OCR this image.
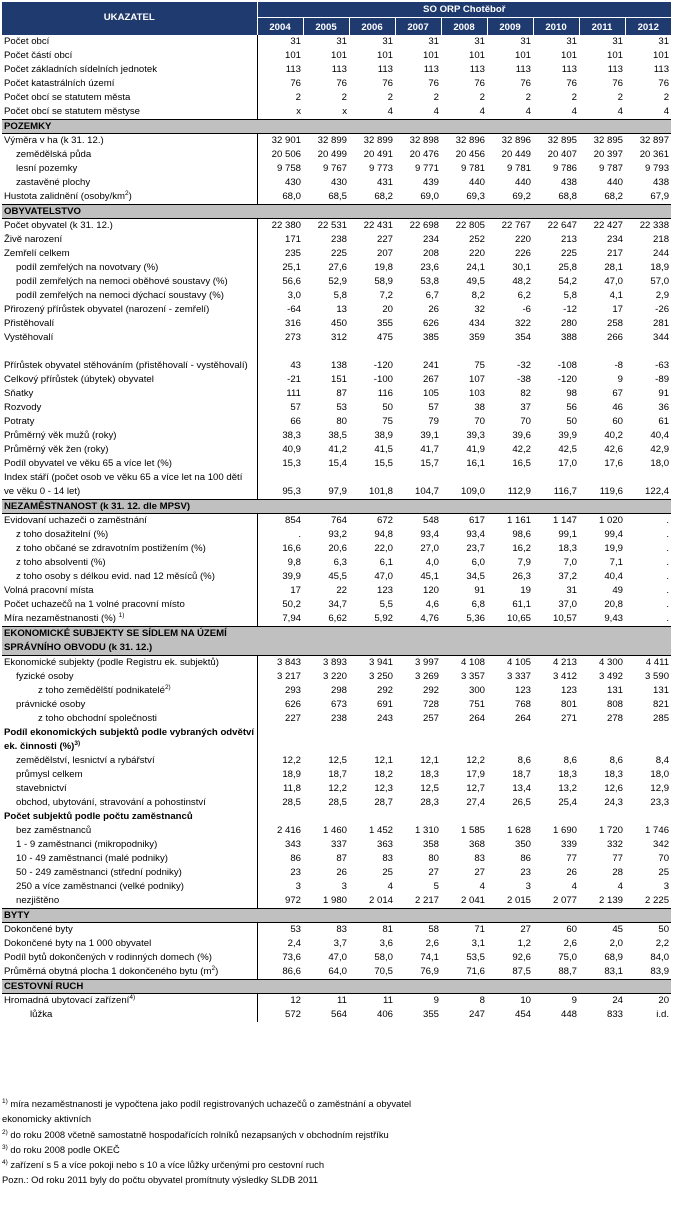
UKAZATEL	SO ORP Chotěboř								
	2004	2005	2006	2007	2008	2009	2010	2011	2012
Počet obcí	31	31	31	31	31	31	31	31	31
Počet částí obcí	101	101	101	101	101	101	101	101	101
Počet základních sídelních jednotek	113	113	113	113	113	113	113	113	113
Počet katastrálních území	76	76	76	76	76	76	76	76	76
Počet obcí se statutem města	2	2	2	2	2	2	2	2	2
Počet obcí se statutem městyse	x	x	4	4	4	4	4	4	4
POZEMKY									
Výměra v ha (k 31. 12.)	32 901	32 899	32 899	32 898	32 896	32 896	32 895	32 895	32 897
zemědělská půda	20 506	20 499	20 491	20 476	20 456	20 449	20 407	20 397	20 361
lesní pozemky	9 758	9 767	9 773	9 771	9 781	9 781	9 786	9 787	9 793
zastavěné plochy	430	430	431	439	440	440	438	440	438
Hustota zalidnění $(osoby/km^2)$	68,0	68,5	68,2	69,0	69,3	69,2	68,8	68,2	67,9
OBYVATELSTVO									
Počet obyvatel (k 31. 12.)	22 380	22 531	22 431	22 698	22 805	22 767	22 647	22 427	22 338
Živě narození	171	238	227	234	252	220	213	234	218
Zemřelí celkem	235	225	207	208	220	226	225	217	244
podíl zemřelých na novotvary (%)	25,1	27,6	19,8	23,6	24,1	30,1	25,8	28,1	18,9
podíl zemřelých na nemoci oběhové soustavy (%)	56,6	52,9	58,9	53,8	49,5	48,2	54,2	47,0	57,0
podíl zemřelých na nemoci dýchací soustavy (%)	3,0	5,8	7,2	6,7	8,2	6,2	5,8	4,1	2,9
Přirozený přírůstek obyvatel (narození - zemřelí)	-64	13	20	26	32	-6	-12	17	-26
Přistěhovalí	316	450	355	626	434	322	280	258	281
Vystěhovalí	273	312	475	385	359	354	388	266	344
Přírůstek obyvatel stěhováním (přistěhovalí - vystěhovalí)	43	138	-120	241	75	-32	-108	-8	-63
Celkový přírůstek (úbytek) obyvatel	-21	151	-100	267	107	-38	-120	9	-89
Sňatky	111	87	116	105	103	82	98	67	91
Rozvody	57	53	50	57	38	37	56	46	36
Potraty	66	80	75	79	70	70	50	60	61
Průměrný věk mužů (roky)	38,3	38,5	38,9	39,1	39,3	39,6	39,9	40,2	40,4
Průměrný věk žen (roky)	40,9	41,2	41,5	41,7	41,9	42,2	42,5	42,6	42,9
Podíl obyvatel ve věku 65 a více let (%)	15,3	15,4	15,5	15,7	16,1	16,5	17,0	17,6	18,0
Index stáří (počet osob ve věku 65 a více let na 100 dětí ve věku 0 - 14 let)	95,3	97,9	101,8	104,7	109,0	112,9	116,7	119,6	122,4
NEZAMĚSTNANOST (k 31. 12. dle MPSV)									
Evidovaní uchazeči o zaměstnání	854	764	672	548	617	1 161	1 147	1 020	.
z toho dosažitelní (%)	.	93,2	94,8	93,4	93,4	98,6	99,1	99,4	.
z toho občané se zdravotním postižením (%)	16,6	20,6	22,0	27,0	23,7	16,2	18,3	19,9	.
z toho absolventi (%)	9,8	6,3	6,1	4,0	6,0	7,9	7,0	7,1	.
z toho osoby s délkou evid. nad 12 měsíců (%)	39,9	45,5	47,0	45,1	34,5	26,3	37,2	40,4	.
Volná pracovní místa	17	22	123	120	91	19	31	49	.
Počet uchazečů na 1 volné pracovní místo	50,2	34,7	5,5	4,6	6,8	61,1	37,0	20,8	.
Míra nezaměstnanosti (%) $^{1)}$	7,94	6,62	5,92	4,76	5,36	10,65	10,57	9,43	.
EKONOMICKÉ SUBJEKTY SE SÍDLEM NA ÚZEMÍ SPRÁVNÍHO OBVODU (k 31. 12.)									
Ekonomické subjekty (podle Registru ek. subjektů)	3 843	3 893	3 941	3 997	4 108	4 105	4 213	4 300	4 411
fyzické osoby	3 217	3 220	3 250	3 269	3 357	3 337	3 412	3 492	3 590
z toho zemědělští podnikatelé$^{2)}$	293	298	292	292	300	123	123	131	131
právnické osoby	626	673	691	728	751	768	801	808	821
z toho obchodní společnosti	227	238	243	257	264	264	271	278	285
Podíl ekonomických subjektů podle vybraných odvětví ek. činnosti (%)$^{3)}$									
zemědělství, lesnictví a rybářství	12,2	12,5	12,1	12,1	12,2	8,6	8,6	8,6	8,4
průmysl celkem	18,9	18,7	18,2	18,3	17,9	18,7	18,3	18,3	18,0
stavebnictví	11,8	12,2	12,3	12,5	12,7	13,4	13,2	12,6	12,9
obchod, ubytování, stravování a pohostinství	28,5	28,5	28,7	28,3	27,4	26,5	25,4	24,3	23,3
Počet subjektů podle počtu zaměstnanců									
bez zaměstnanců	2 416	1 460	1 452	1 310	1 585	1 628	1 690	1 720	1 746
1 - 9 zaměstnanci (mikropodniky)	343	337	363	358	368	350	339	332	342
10 - 49 zaměstnanci (malé podniky)	86	87	83	80	83	86	77	77	70
50 - 249 zaměstnanci (střední podniky)	23	26	25	27	27	23	26	28	25
250 a více zaměstnanci (velké podniky)	3	3	4	5	4	3	4	4	3
nezjištěno	972	1 980	2 014	2 217	2 041	2 015	2 077	2 139	2 225
BYTY									
Dokončené byty	53	83	81	58	71	27	60	45	50
Dokončené byty na 1 000 obyvatel	2,4	3,7	3,6	2,6	3,1	1,2	2,6	2,0	2,2
Podíl bytů dokončených v rodinných domech (%)	73,6	47,0	58,0	74,1	53,5	92,6	75,0	68,9	84,0
Průměrná obytná plocha 1 dokončeného bytu $(m^2)$	86,6	64,0	70,5	76,9	71,6	87,5	88,7	83,1	83,9
CESTOVNÍ RUCH									
Hromadná ubytovací zařízení$^{4)}$	12	11	11	9	8	10	9	24	20
lůžka	572	564	406	355	247	454	448	833	i.d.

$^{1)}$ míra nezaměstnanosti je vypočtena jako podíl registrovaných uchazečů o zaměstnání a obyvatel

ekonomicky aktivních

$^{2)}$ do roku 2008 včetně samostatně hospodařících rolníků nezapsaných v obchodním rejstříku

$^{3)}$ do roku 2008 podle OKEČ

$^{4)}$ zařízení s 5 a více pokoji nebo s 10 a více lůžky určenými pro cestovní ruch

Pozn.: Od roku 2011 byly do počtu obyvatel promítnuty výsledky SLDB 2011
